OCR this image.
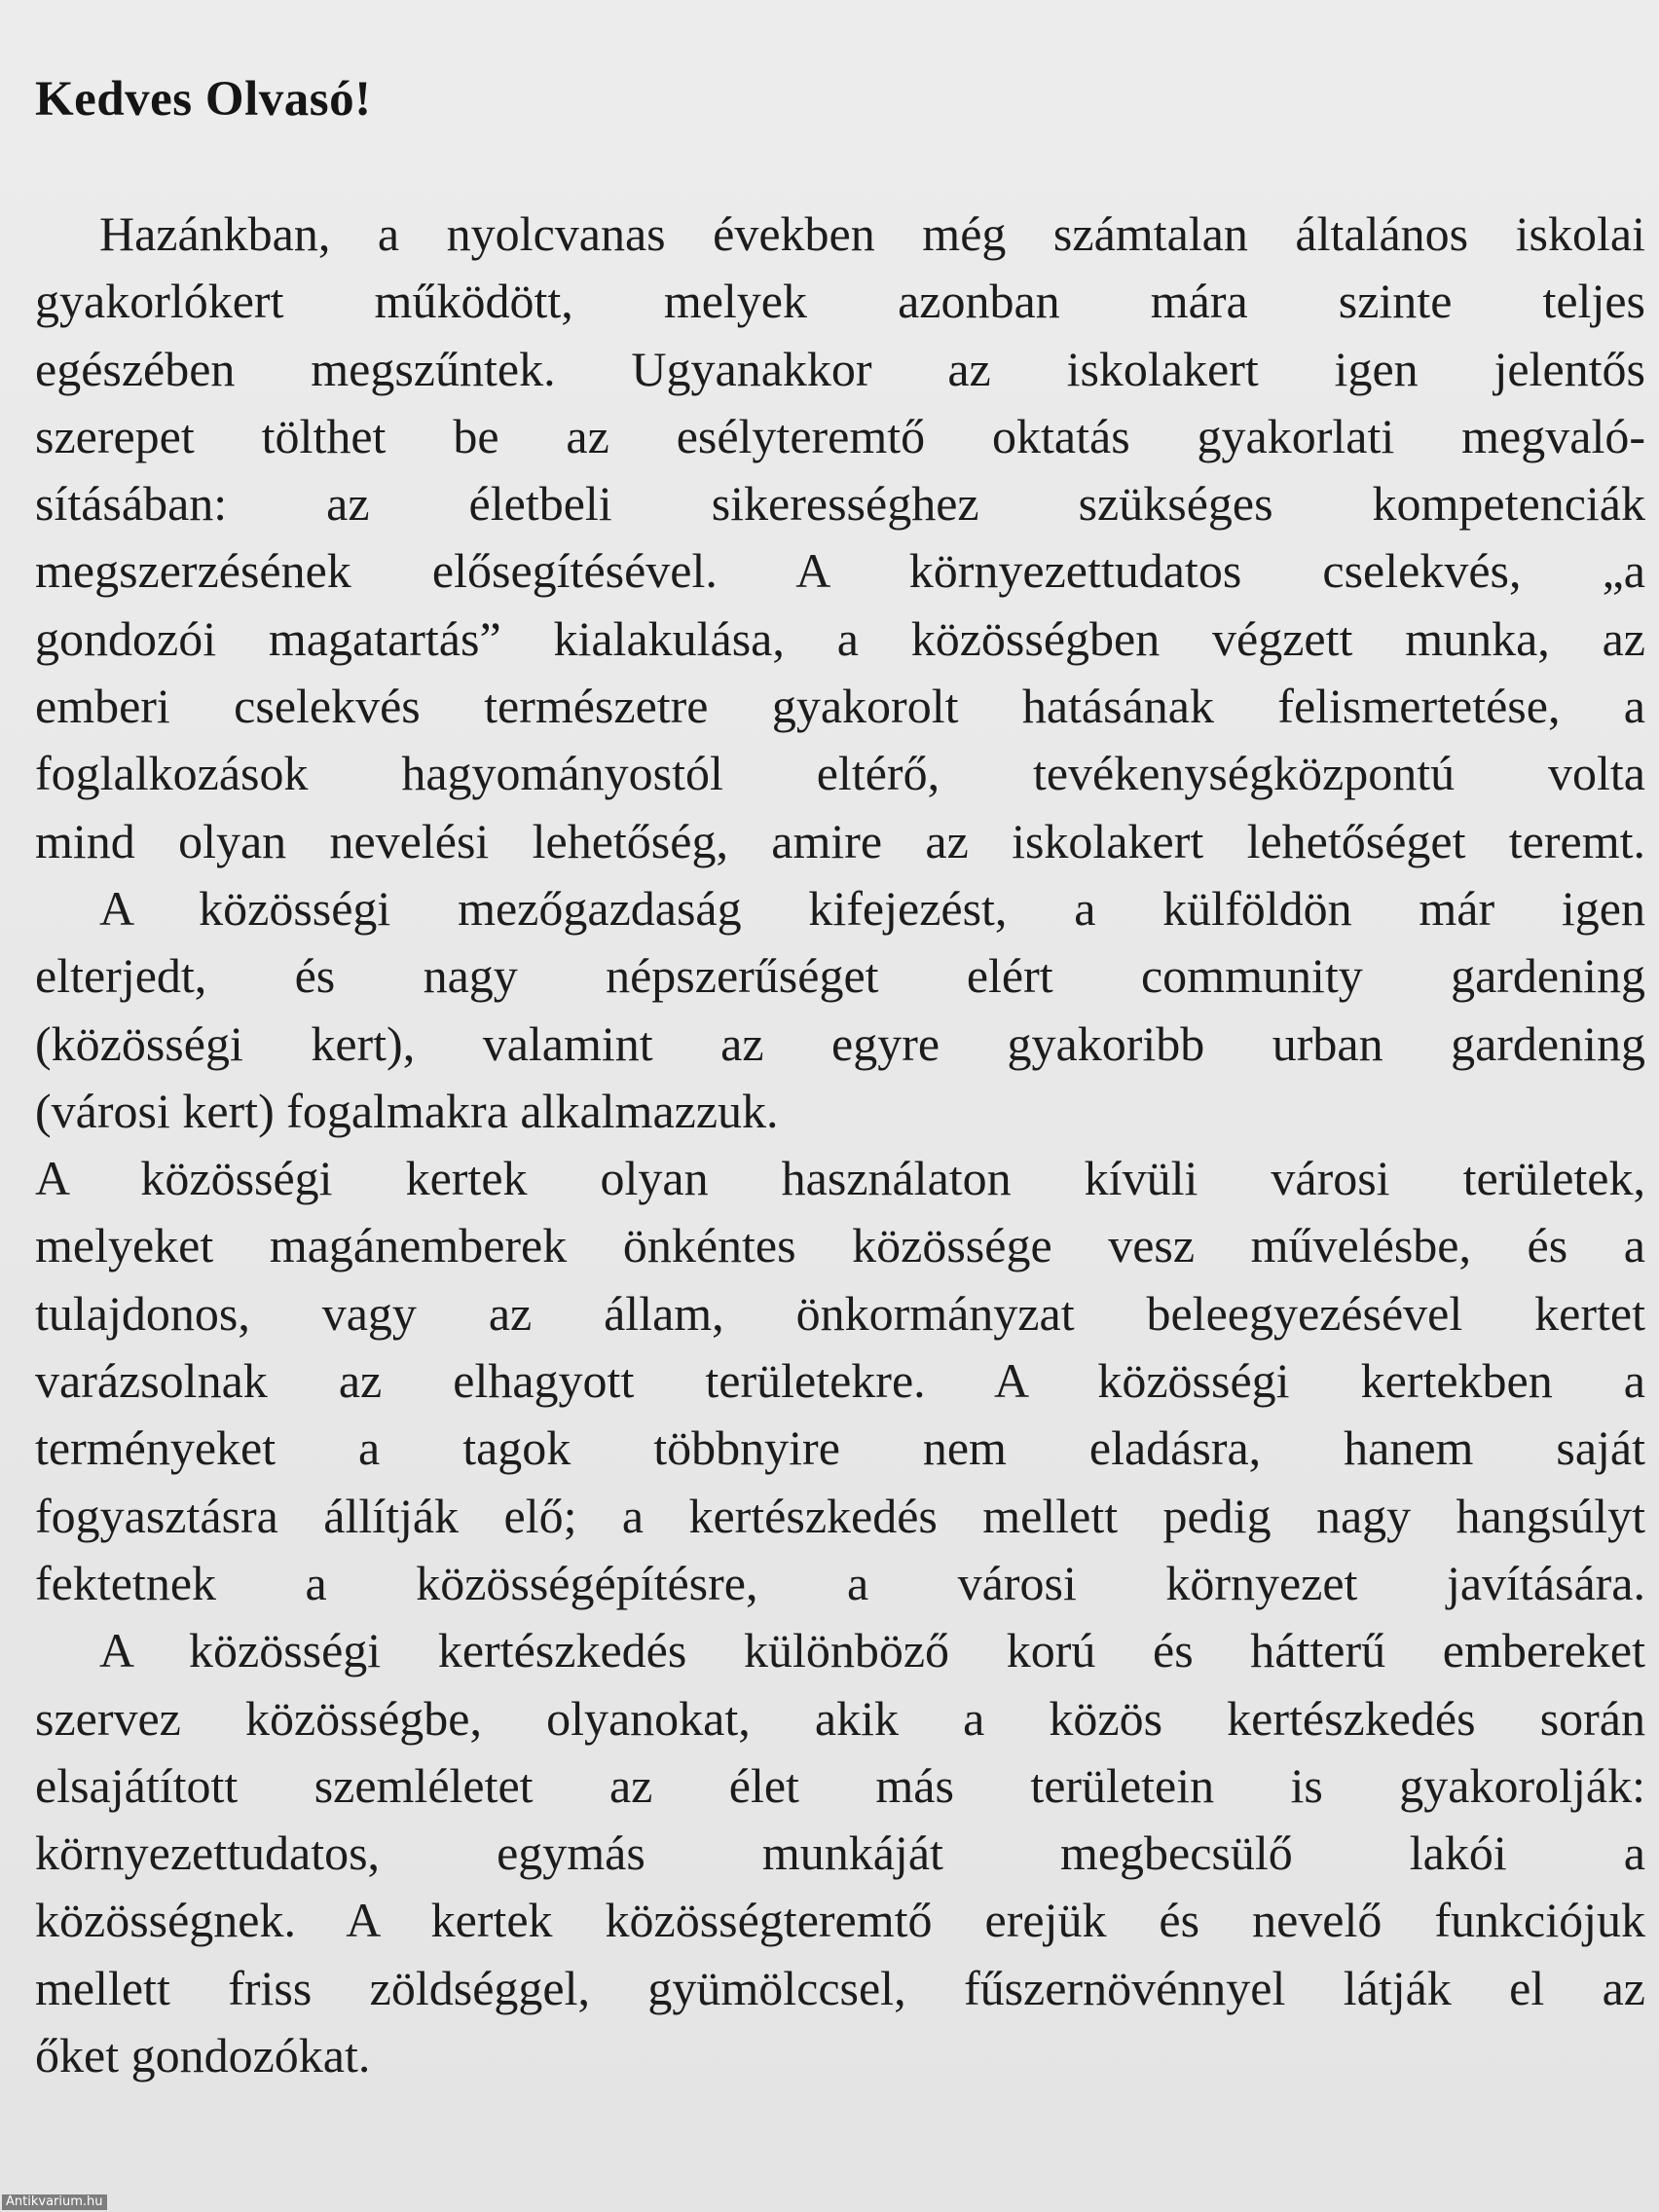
Kedves Olvasó!
Hazánkban, a nyolcvanas években még számtalan általános iskolai
gyakorlókert működött, melyek azonban mára szinte teljes
egészében megszűntek. Ugyanakkor az iskolakert igen jelentős
szerepet tölthet be az esélyteremtő oktatás gyakorlati megvaló-
sításában: az életbeli sikerességhez szükséges kompetenciák
megszerzésének elősegítésével. A környezettudatos cselekvés, „a
gondozói magatartás” kialakulása, a közösségben végzett munka, az
emberi cselekvés természetre gyakorolt hatásának felismertetése, a
foglalkozások hagyományostól eltérő, tevékenységközpontú volta
mind olyan nevelési lehetőség, amire az iskolakert lehetőséget teremt.
A közösségi mezőgazdaság kifejezést, a külföldön már igen
elterjedt, és nagy népszerűséget elért community gardening
(közösségi kert), valamint az egyre gyakoribb urban gardening
(városi kert) fogalmakra alkalmazzuk.
A közösségi kertek olyan használaton kívüli városi területek,
melyeket magánemberek önkéntes közössége vesz művelésbe, és a
tulajdonos, vagy az állam, önkormányzat beleegyezésével kertet
varázsolnak az elhagyott területekre. A közösségi kertekben a
terményeket a tagok többnyire nem eladásra, hanem saját
fogyasztásra állítják elő; a kertészkedés mellett pedig nagy hangsúlyt
fektetnek a közösségépítésre, a városi környezet javítására.
A közösségi kertészkedés különböző korú és hátterű embereket
szervez közösségbe, olyanokat, akik a közös kertészkedés során
elsajátított szemléletet az élet más területein is gyakorolják:
környezettudatos, egymás munkáját megbecsülő lakói a
közösségnek. A kertek közösségteremtő erejük és nevelő funkciójuk
mellett friss zöldséggel, gyümölccsel, fűszernövénnyel látják el az
őket gondozókat.
Antikvarium.hu
